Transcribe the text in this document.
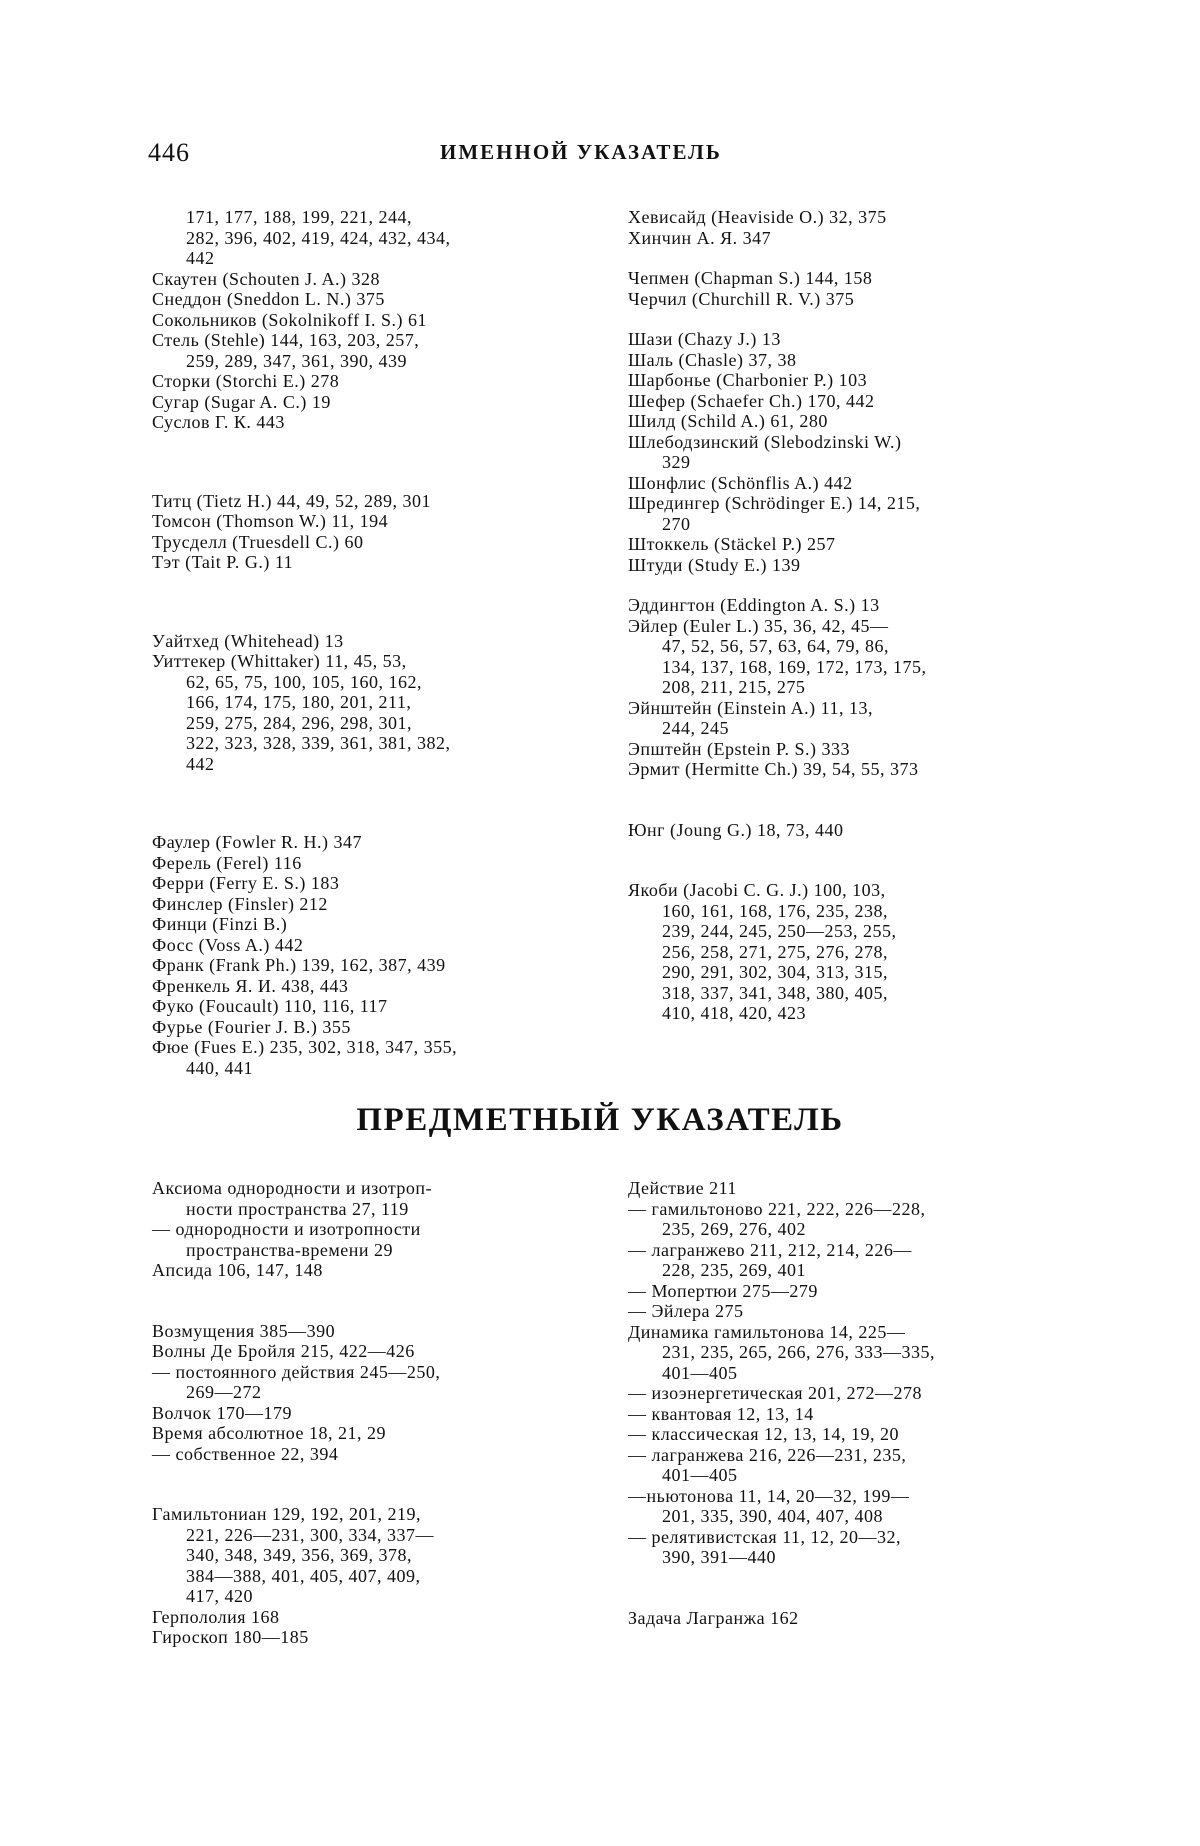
446	ИМЕННОЙ УКАЗАТЕЛЬ
171, 177, 188, 199, 221, 244,
282, 396, 402, 419, 424, 432, 434,
442
Скаутен (Schouten J. A.) 328
Снеддон (Sneddon L. N.) 375
Сокольников (Sokolnikoff I. S.) 61
Стель (Stehle) 144, 163, 203, 257,
259, 289, 347, 361, 390, 439
Сторки (Storchi E.) 278
Сугар (Sugar A. C.) 19
Суслов Г. К. 443
Титц (Tietz H.) 44, 49, 52, 289, 301
Томсон (Thomson W.) 11, 194
Трусделл (Truesdell C.) 60
Тэт (Tait P. G.) 11
Уайтхед (Whitehead) 13
Уиттекер (Whittaker) 11, 45, 53,
62, 65, 75, 100, 105, 160, 162,
166, 174, 175, 180, 201, 211,
259, 275, 284, 296, 298, 301,
322, 323, 328, 339, 361, 381, 382,
442
Фаулер (Fowler R. H.) 347
Ферель (Ferel) 116
Ферри (Ferry E. S.) 183
Финслер (Finsler) 212
Финци (Finzi B.)
Фосс (Voss A.) 442
Франк (Frank Ph.) 139, 162, 387, 439
Френкель Я. И. 438, 443
Фуко (Foucault) 110, 116, 117
Фурье (Fourier J. B.) 355
Фюе (Fues E.) 235, 302, 318, 347, 355,
440, 441
Хевисайд (Heaviside O.) 32, 375
Хинчин А. Я. 347
Чепмен (Chapman S.) 144, 158
Черчил (Churchill R. V.) 375
Шази (Chazy J.) 13
Шаль (Chasle) 37, 38
Шарбонье (Charbonier P.) 103
Шефер (Schaefer Ch.) 170, 442
Шилд (Schild A.) 61, 280
Шлебодзинский (Slebodzinski W.)
329
Шонфлис (Schönflis A.) 442
Шредингер (Schrödinger E.) 14, 215,
270
Штоккель (Stäckel P.) 257
Штуди (Study E.) 139
Эддингтон (Eddington A. S.) 13
Эйлер (Euler L.) 35, 36, 42, 45—
47, 52, 56, 57, 63, 64, 79, 86,
134, 137, 168, 169, 172, 173, 175,
208, 211, 215, 275
Эйнштейн (Einstein A.) 11, 13,
244, 245
Эпштейн (Epstein P. S.) 333
Эрмит (Hermitte Ch.) 39, 54, 55, 373
Юнг (Joung G.) 18, 73, 440
Якоби (Jacobi C. G. J.) 100, 103,
160, 161, 168, 176, 235, 238,
239, 244, 245, 250—253, 255,
256, 258, 271, 275, 276, 278,
290, 291, 302, 304, 313, 315,
318, 337, 341, 348, 380, 405,
410, 418, 420, 423
ПРЕДМЕТНЫЙ УКАЗАТЕЛЬ
Аксиома однородности и изотроп-
ности пространства 27, 119
— однородности и изотропности
пространства-времени 29
Апсида 106, 147, 148
Возмущения 385—390
Волны Де Бройля 215, 422—426
— постоянного действия 245—250,
269—272
Волчок 170—179
Время абсолютное 18, 21, 29
— собственное 22, 394
Гамильтониан 129, 192, 201, 219,
221, 226—231, 300, 334, 337—
340, 348, 349, 356, 369, 378,
384—388, 401, 405, 407, 409,
417, 420
Герпололия 168
Гироскоп 180—185
Действие 211
— гамильтоново 221, 222, 226—228,
235, 269, 276, 402
— лагранжево 211, 212, 214, 226—
228, 235, 269, 401
— Мопертюи 275—279
— Эйлера 275
Динамика гамильтонова 14, 225—
231, 235, 265, 266, 276, 333—335,
401—405
— изоэнергетическая 201, 272—278
— квантовая 12, 13, 14
— классическая 12, 13, 14, 19, 20
— лагранжева 216, 226—231, 235,
401—405
—ньютонова 11, 14, 20—32, 199—
201, 335, 390, 404, 407, 408
— релятивистская 11, 12, 20—32,
390, 391—440
Задача Лагранжа 162
